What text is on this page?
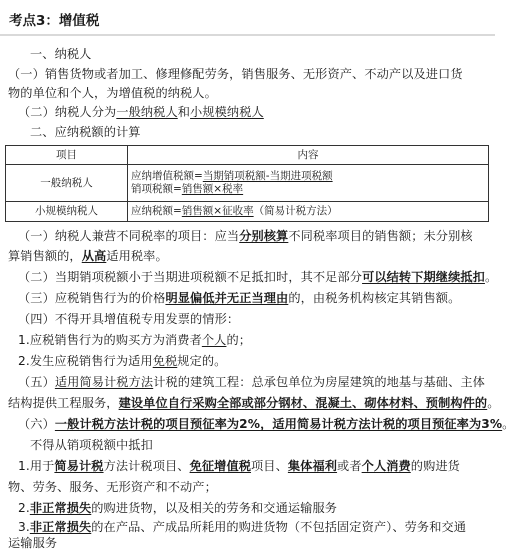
考点3：增值税
一、纳税人
（一）销售货物或者加工、修理修配劳务，销售服务、无形资产、不动产以及进口货
物的单位和个人，为增值税的纳税人。
（二）纳税人分为一般纳税人和小规模纳税人
二、应纳税额的计算
项目	内容
一般纳税人	应纳增值税额=当期销项税额-当期进项税额
销项税额=销售额×税率

小规模纳税人	应纳税额=销售额×征收率（简易计税方法）
（一）纳税人兼营不同税率的项目：应当分别核算不同税率项目的销售额；未分别核
算销售额的，从高适用税率。
（二）当期销项税额小于当期进项税额不足抵扣时，其不足部分可以结转下期继续抵扣。
（三）应税销售行为的价格明显偏低并无正当理由的，由税务机构核定其销售额。
（四）不得开具增值税专用发票的情形：
1.应税销售行为的购买方为消费者个人的；
2.发生应税销售行为适用免税规定的。
（五）适用简易计税方法计税的建筑工程：总承包单位为房屋建筑的地基与基础、主体
结构提供工程服务，建设单位自行采购全部或部分钢材、混凝土、砌体材料、预制构件的。
（六）一般计税方法计税的项目预征率为2%，适用简易计税方法计税的项目预征率为3%。
不得从销项税额中抵扣
1.用于简易计税方法计税项目、免征增值税项目、集体福利或者个人消费的购进货
物、劳务、服务、无形资产和不动产；
2.非正常损失的购进货物，以及相关的劳务和交通运输服务
3.非正常损失的在产品、产成品所耗用的购进货物（不包括固定资产）、劳务和交通
运输服务
